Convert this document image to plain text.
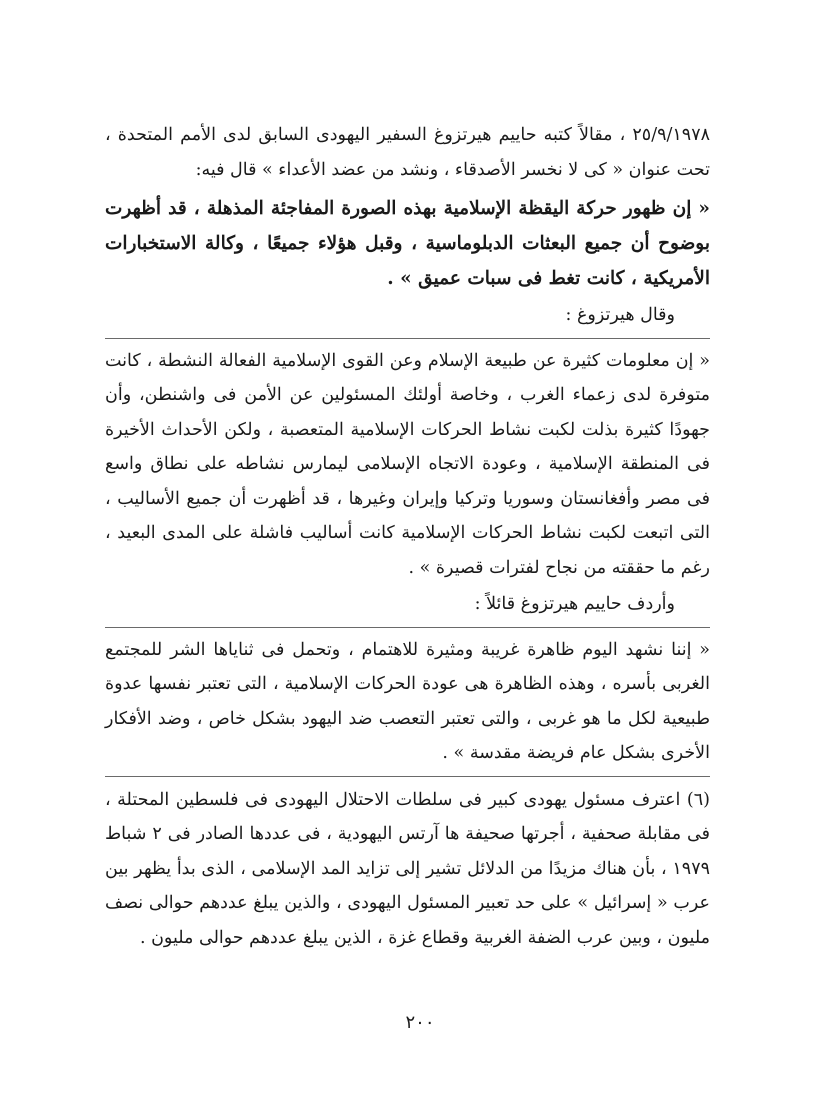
٢٥/٩/١٩٧٨ ، مقالاً كتبه حاييم هيرتزوغ السفير اليهودى السابق لدى الأمم المتحدة ، تحت عنوان « كى لا نخسر الأصدقاء ، ونشد من عضد الأعداء » قال فيه:

« إن ظهور حركة اليقظة الإسلامية بهذه الصورة المفاجئة المذهلة ، قد أظهرت بوضوح أن جميع البعثات الدبلوماسية ، وقبل هؤلاء جميعًا ، وكالة الاستخبارات الأمريكية ، كانت تغط فى سبات عميق » .

وقال هيرتزوغ :

« إن معلومات كثيرة عن طبيعة الإسلام وعن القوى الإسلامية الفعالة النشطة ، كانت متوفرة لدى زعماء الغرب ، وخاصة أولئك المسئولين عن الأمن فى واشنطن، وأن جهودًا كثيرة بذلت لكبت نشاط الحركات الإسلامية المتعصبة ، ولكن الأحداث الأخيرة فى المنطقة الإسلامية ، وعودة الاتجاه الإسلامى ليمارس نشاطه على نطاق واسع فى مصر وأفغانستان وسوريا وتركيا وإيران وغيرها ، قد أظهرت أن جميع الأساليب ، التى اتبعت لكبت نشاط الحركات الإسلامية كانت أساليب فاشلة على المدى البعيد ، رغم ما حققته من نجاح لفترات قصيرة » .

وأردف حاييم هيرتزوغ قائلاً :

« إننا نشهد اليوم ظاهرة غريبة ومثيرة للاهتمام ، وتحمل فى ثناياها الشر للمجتمع الغربى بأسره ، وهذه الظاهرة هى عودة الحركات الإسلامية ، التى تعتبر نفسها عدوة طبيعية لكل ما هو غربى ، والتى تعتبر التعصب ضد اليهود بشكل خاص ، وضد الأفكار الأخرى بشكل عام فريضة مقدسة » .

(٦) اعترف مسئول يهودى كبير فى سلطات الاحتلال اليهودى فى فلسطين المحتلة ، فى مقابلة صحفية ، أجرتها صحيفة ها آرتس اليهودية ، فى عددها الصادر فى ٢ شباط ١٩٧٩ ، بأن هناك مزيدًا من الدلائل تشير إلى تزايد المد الإسلامى ، الذى بدأ يظهر بين عرب « إسرائيل » على حد تعبير المسئول اليهودى ، والذين يبلغ عددهم حوالى نصف مليون ، وبين عرب الضفة الغربية وقطاع غزة ، الذين يبلغ عددهم حوالى مليون .

٢٠٠
